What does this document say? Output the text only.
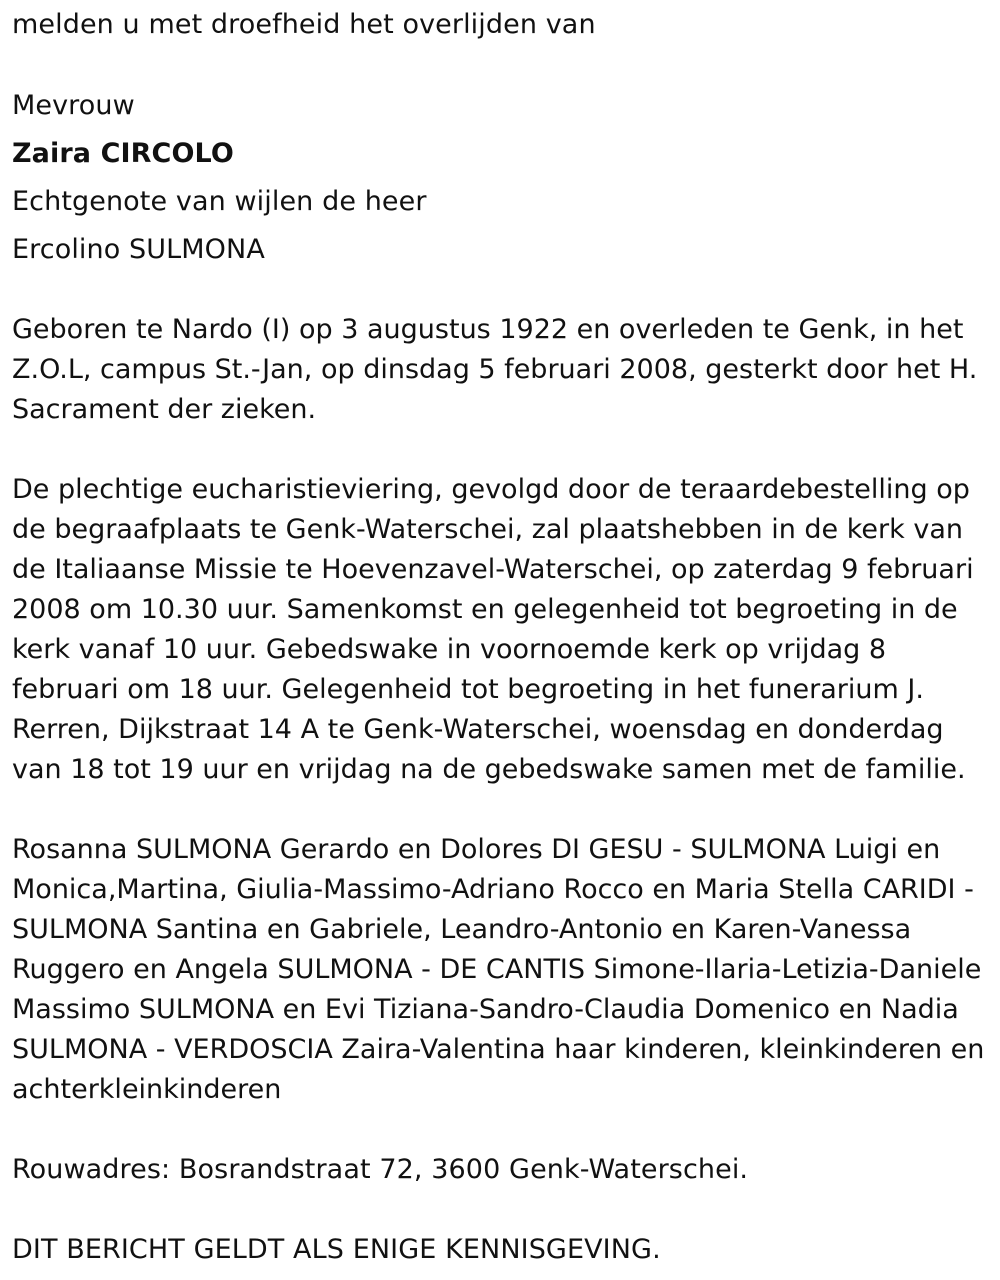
melden u met droefheid het overlijden van

Mevrouw

Zaira CIRCOLO

Echtgenote van wijlen de heer

Ercolino SULMONA

Geboren te Nardo (I) op 3 augustus 1922 en overleden te Genk, in het Z.O.L, campus St.-Jan, op dinsdag 5 februari 2008, gesterkt door het H. Sacrament der zieken.

De plechtige eucharistieviering, gevolgd door de teraardebestelling op de begraafplaats te Genk-Waterschei, zal plaatshebben in de kerk van de Italiaanse Missie te Hoevenzavel-Waterschei, op zaterdag 9 februari 2008 om 10.30 uur. Samenkomst en gelegenheid tot begroeting in de kerk vanaf 10 uur. Gebedswake in voornoemde kerk op vrijdag 8 februari om 18 uur. Gelegenheid tot begroeting in het funerarium J. Rerren, Dijkstraat 14 A te Genk-Waterschei, woensdag en donderdag van 18 tot 19 uur en vrijdag na de gebedswake samen met de familie.

Rosanna SULMONA Gerardo en Dolores DI GESU - SULMONA Luigi en Monica,Martina, Giulia-Massimo-Adriano Rocco en Maria Stella CARIDI - SULMONA Santina en Gabriele, Leandro-Antonio en Karen-Vanessa Ruggero en Angela SULMONA - DE CANTIS Simone-Ilaria-Letizia-Daniele Massimo SULMONA en Evi Tiziana-Sandro-Claudia Domenico en Nadia SULMONA - VERDOSCIA Zaira-Valentina haar kinderen, kleinkinderen en achterkleinkinderen

Rouwadres: Bosrandstraat 72, 3600 Genk-Waterschei.

DIT BERICHT GELDT ALS ENIGE KENNISGEVING.
